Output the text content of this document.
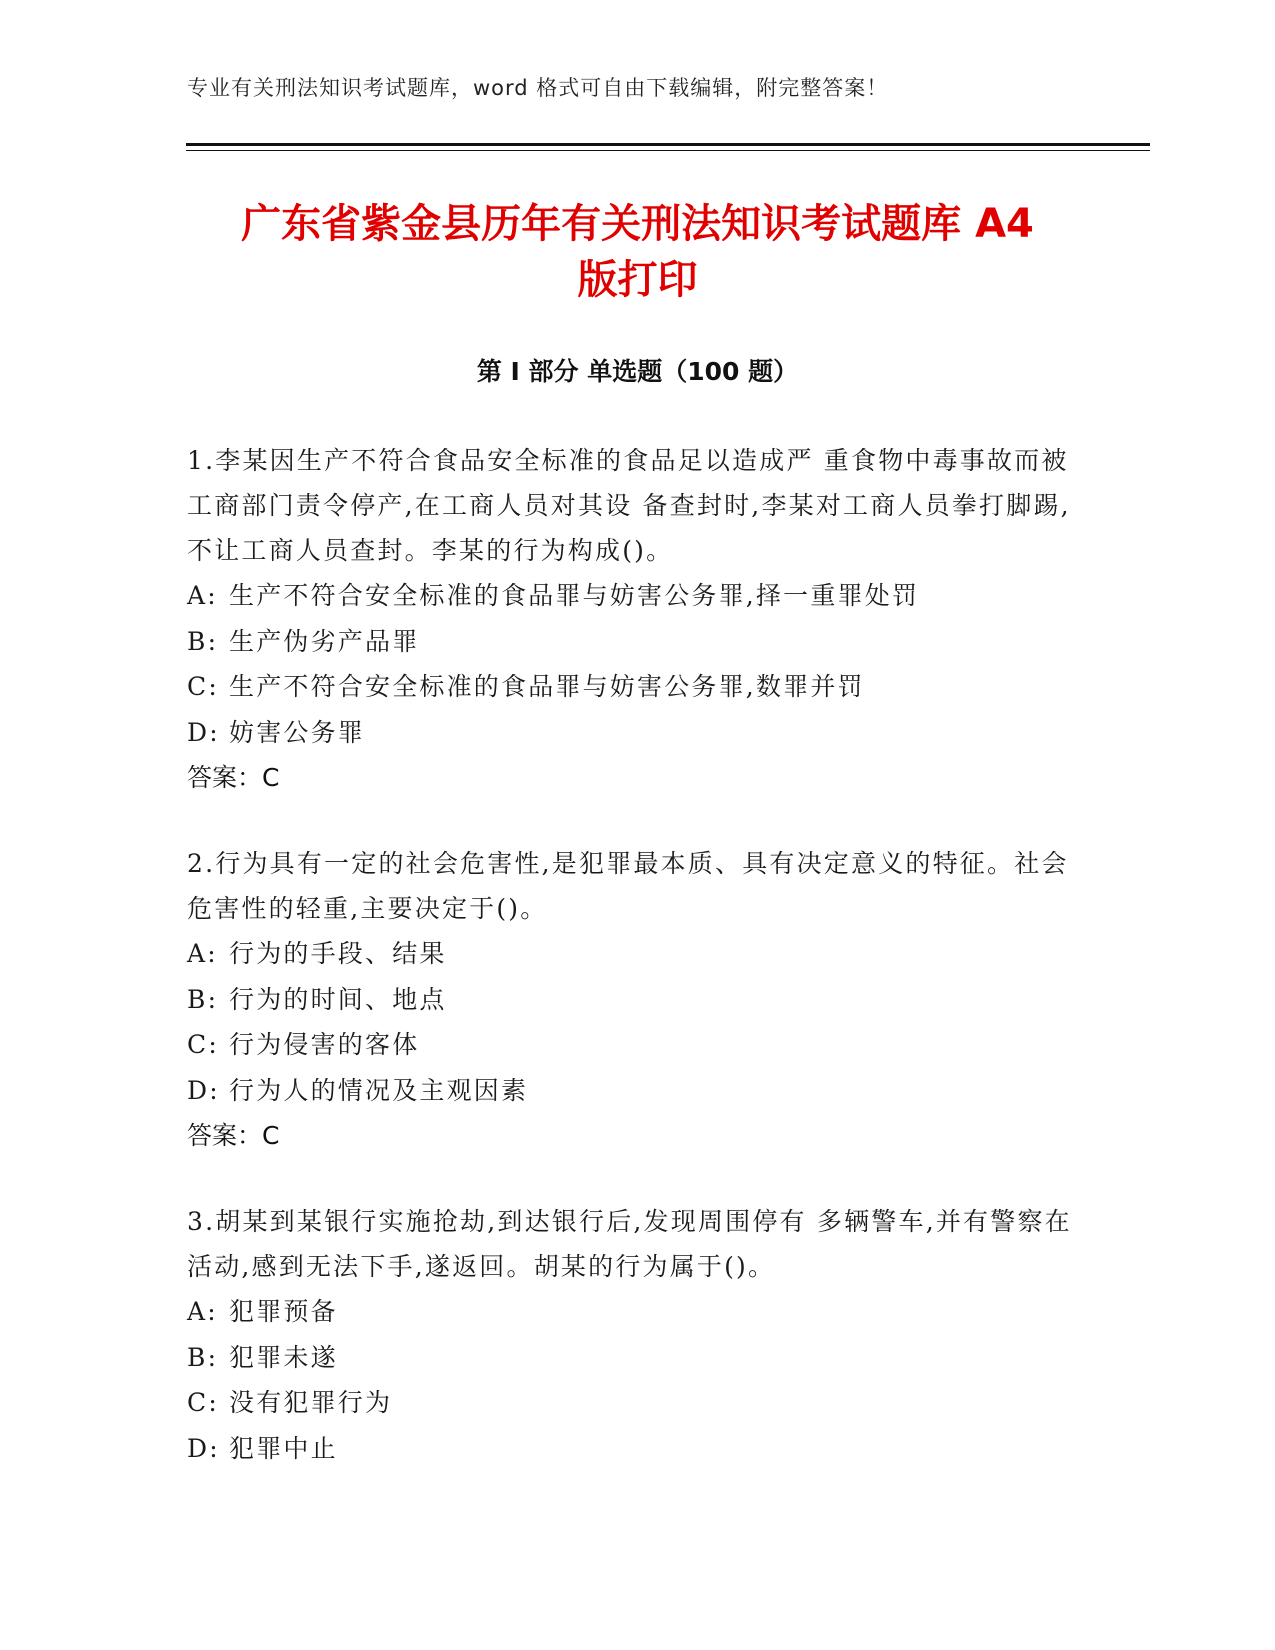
专业有关刑法知识考试题库，word 格式可自由下载编辑，附完整答案！
广东省紫金县历年有关刑法知识考试题库 A4
版打印
第 I 部分 单选题（100 题）

1.李某因生产不符合食品安全标准的食品足以造成严 重食物中毒事故而被工商部门责令停产,在工商人员对其设 备查封时,李某对工商人员拳打脚踢,不让工商人员查封。李某的行为构成()。

A: 生产不符合安全标准的食品罪与妨害公务罪,择一重罪处罚
B: 生产伪劣产品罪
C: 生产不符合安全标准的食品罪与妨害公务罪,数罪并罚
D: 妨害公务罪
答案：C

2.行为具有一定的社会危害性,是犯罪最本质、具有决定意义的特征。社会危害性的轻重,主要决定于()。

A: 行为的手段、结果
B: 行为的时间、地点
C: 行为侵害的客体
D: 行为人的情况及主观因素
答案：C

3.胡某到某银行实施抢劫,到达银行后,发现周围停有 多辆警车,并有警察在活动,感到无法下手,遂返回。胡某的行为属于()。

A: 犯罪预备
B: 犯罪未遂
C: 没有犯罪行为
D: 犯罪中止
